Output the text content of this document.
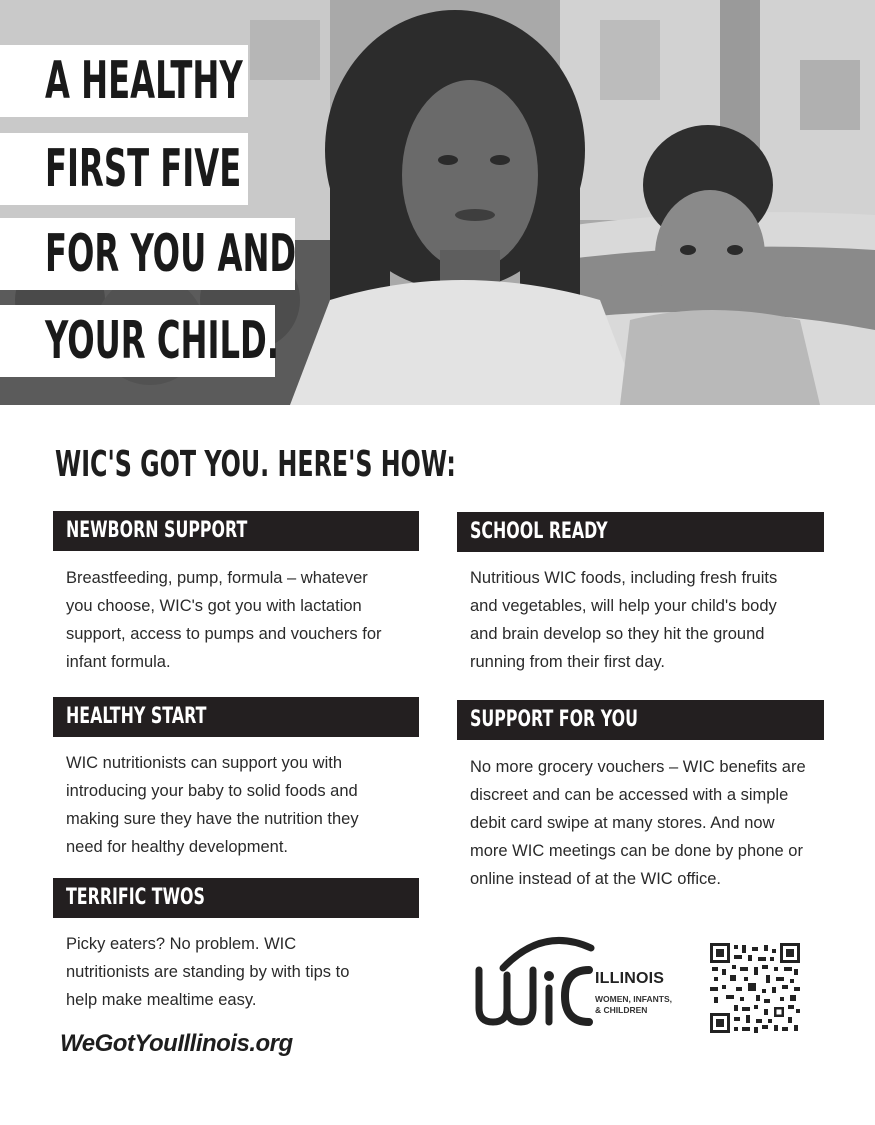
A HEALTHY
FIRST FIVE
FOR YOU AND
YOUR CHILD.
WIC'S GOT YOU. HERE'S HOW:
NEWBORN SUPPORT
Breastfeeding, pump, formula – whatever you choose, WIC's got you with lactation support, access to pumps and vouchers for infant formula.
HEALTHY START
WIC nutritionists can support you with introducing your baby to solid foods and making sure they have the nutrition they need for healthy development.
TERRIFIC TWOS
Picky eaters? No problem. WIC nutritionists are standing by with tips to help make mealtime easy.
SCHOOL READY
Nutritious WIC foods, including fresh fruits and vegetables, will help your child's body and brain develop so they hit the ground running from their first day.
SUPPORT FOR YOU
No more grocery vouchers – WIC benefits are discreet and can be accessed with a simple debit card swipe at many stores. And now more WIC meetings can be done by phone or online instead of at the WIC office.
WeGotYouIllinois.org
ILLINOIS
WOMEN, INFANTS,
& CHILDREN
